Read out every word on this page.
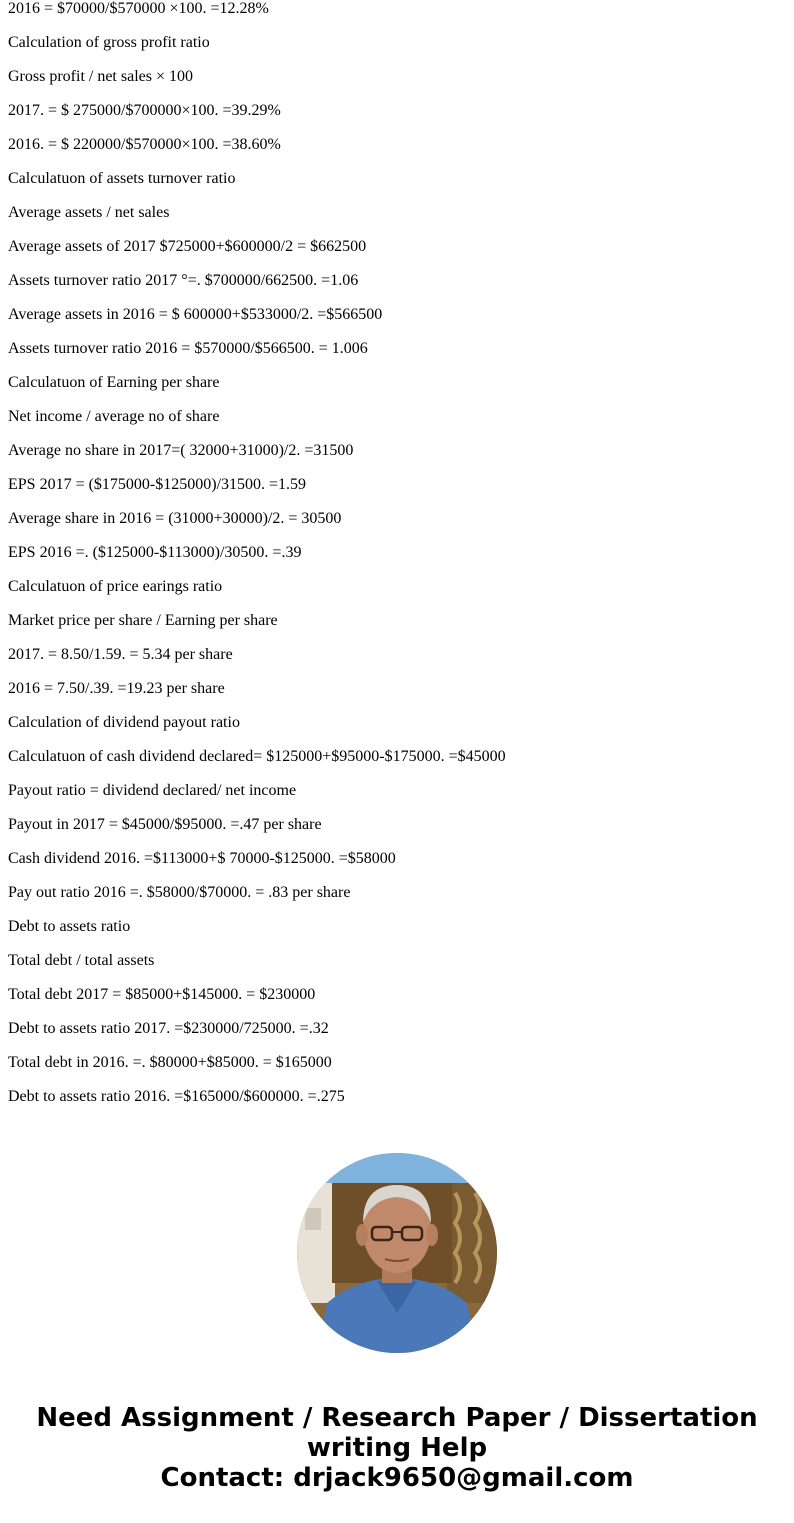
2016 = $70000/$570000 ×100. =12.28%

Calculation of gross profit ratio

Gross profit / net sales × 100

2017. = $ 275000/$700000×100. =39.29%

2016. = $ 220000/$570000×100. =38.60%

Calculatuon of assets turnover ratio

Average assets / net sales

Average assets of 2017 $725000+$600000/2 = $662500

Assets turnover ratio 2017 °=. $700000/662500. =1.06

Average assets in 2016 = $ 600000+$533000/2. =$566500

Assets turnover ratio 2016 = $570000/$566500. = 1.006

Calculatuon of Earning per share

Net income / average no of share

Average no share in 2017=( 32000+31000)/2. =31500

EPS 2017 = ($175000-$125000)/31500. =1.59

Average share in 2016 = (31000+30000)/2. = 30500

EPS 2016 =. ($125000-$113000)/30500. =.39

Calculatuon of price earings ratio

Market price per share / Earning per share

2017. = 8.50/1.59. = 5.34 per share

2016 = 7.50/.39. =19.23 per share

Calculation of dividend payout ratio

Calculatuon of cash dividend declared= $125000+$95000-$175000. =$45000

Payout ratio = dividend declared/ net income

Payout in 2017 = $45000/$95000. =.47 per share

Cash dividend 2016. =$113000+$ 70000-$125000. =$58000

Pay out ratio 2016 =. $58000/$70000. = .83 per share

Debt to assets ratio

Total debt / total assets

Total debt 2017 = $85000+$145000. = $230000

Debt to assets ratio 2017. =$230000/725000. =.32

Total debt in 2016. =. $80000+$85000. = $165000

Debt to assets ratio 2016. =$165000/$600000. =.275

Need Assignment / Research Paper / Dissertation
writing Help
Contact: drjack9650@gmail.com
